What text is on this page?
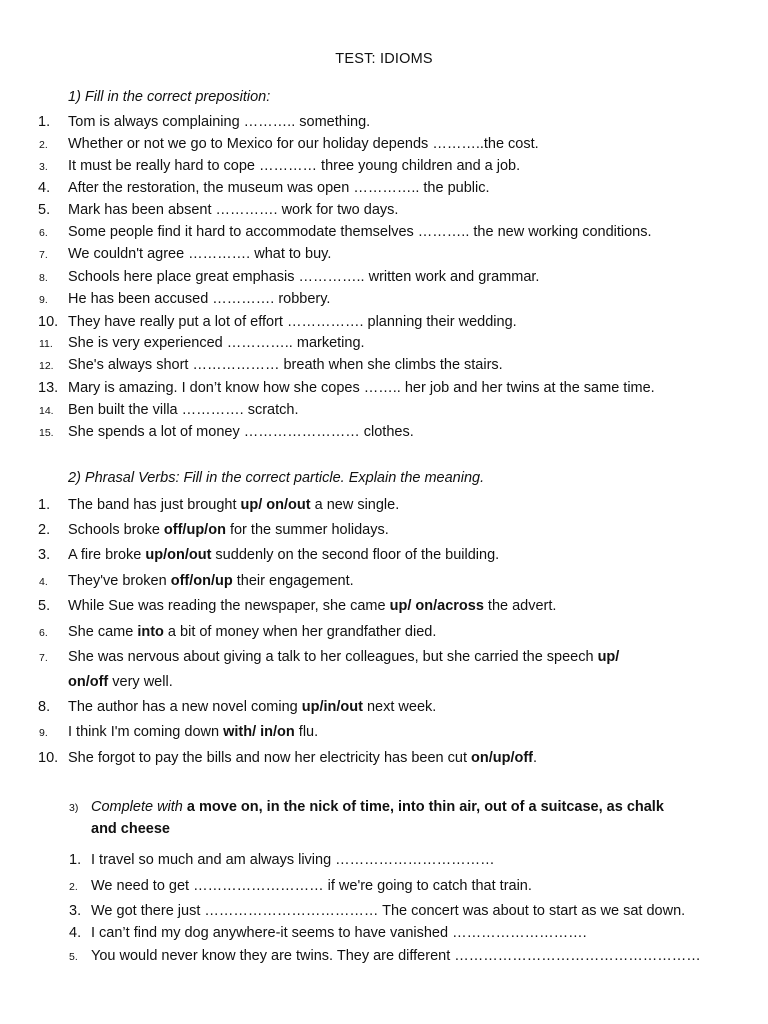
TEST: IDIOMS
1) Fill in the correct preposition:
1.	Tom is always complaining ……….. something.
2.	Whether or not we go to Mexico for our holiday depends ………..the cost.
3.	It must be really hard to cope ………… three young children and a job.
4.	After the restoration, the museum was open ………….. the public.
5.	Mark has been absent …………. work for two days.
6.	Some people find it hard to accommodate themselves ……….. the new working conditions.
7.	We couldn't agree …………. what to buy.
8.	Schools here place great emphasis ………….. written work and grammar.
9.	He has been accused …………. robbery.
10. They have really put a lot of effort ……………. planning their wedding.
11.	She is very experienced ………….. marketing.
12. She's always short ……………… breath when she climbs the stairs.
13. Mary is amazing. I don’t know how she copes …….. her job and her twins at the same time.
14. Ben built the villa …………. scratch.
15. She spends a lot of money …………………… clothes.
2) Phrasal Verbs: Fill in the correct particle. Explain the meaning.
1.	The band has just brought up/ on/out a new single.
2.	Schools broke off/up/on for the summer holidays.
3.	A fire broke up/on/out suddenly on the second floor of the building.
4.	They've broken off/on/up their engagement.
5.	While Sue was reading the newspaper, she came up/ on/across the advert.
6.	She came into a bit of money when her grandfather died.
7.	She was nervous about giving a talk to her colleagues, but she carried the speech up/
on/off very well.
8.	The author has a new novel coming up/in/out next week.
9.	I think I'm coming down with/ in/on flu.
10. She forgot to pay the bills and now her electricity has been cut on/up/off.
3) Complete with a move on, in the nick of time, into thin air, out of a suitcase, as chalk
and cheese
1. I travel so much and am always living ……………………………
2. We need to get ……………………… if we're going to catch that train.
3. We got there just ……………………………… The concert was about to start as we sat down.
4. I can’t find my dog anywhere-it seems to have vanished ……………………….
5. You would never know they are twins. They are different ……………………………………………
